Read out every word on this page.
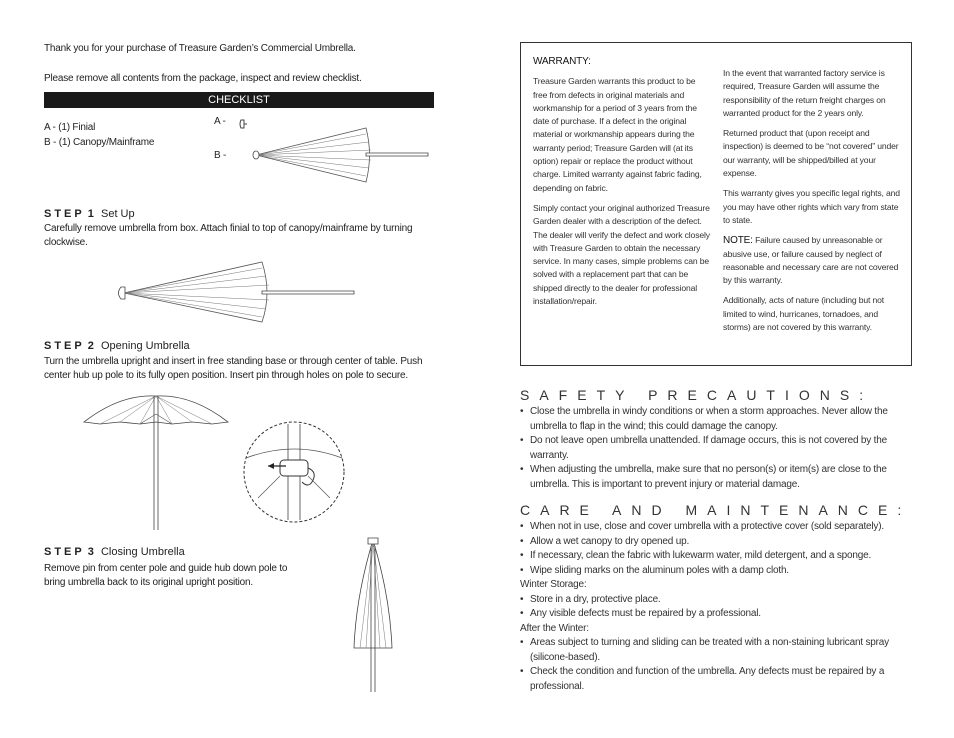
Thank you for your purchase of Treasure Garden’s Commercial Umbrella.
Please remove all contents from the package, inspect and review checklist.
CHECKLIST
A - (1) Finial
B - (1) Canopy/Mainframe
A -
B -
STEP 1 Set Up
Carefully remove umbrella from box. Attach finial to top of canopy/mainframe by turning clockwise.
STEP 2 Opening Umbrella
Turn the umbrella upright and insert in free standing base or through center of table. Push center hub up pole to its fully open position. Insert pin through holes on pole to secure.
STEP 3 Closing Umbrella
Remove pin from center pole and guide hub down pole to bring umbrella back to its original upright position.
WARRANTY:

Treasure Garden warrants this product to be free from defects in original materials and workmanship for a period of 3 years from the date of purchase. If a defect in the original material or workmanship appears during the warranty period; Treasure Garden will (at its option) repair or replace the product without charge. Limited warranty against fabric fading, depending on fabric.

Simply contact your original authorized Treasure Garden dealer with a description of the defect. The dealer will verify the defect and work closely with Treasure Garden to obtain the necessary service. In many cases, simple problems can be solved with a replacement part that can be shipped directly to the dealer for professional installation/repair.

In the event that warranted factory service is required, Treasure Garden will assume the responsibility of the return freight charges on warranted product for the 2 years only.

Returned product that (upon receipt and inspection) is deemed to be “not covered” under our warranty, will be shipped/billed at your expense.

This warranty gives you specific legal rights, and you may have other rights which vary from state to state.

NOTE: Failure caused by unreasonable or abusive use, or failure caused by neglect of reasonable and necessary care are not covered by this warranty.

Additionally, acts of nature (including but not limited to wind, hurricanes, tornadoes, and storms) are not covered by this warranty.

SAFETY PRECAUTIONS:
• Close the umbrella in windy conditions or when a storm approaches. Never allow the umbrella to flap in the wind; this could damage the canopy.
• Do not leave open umbrella unattended. If damage occurs, this is not covered by the warranty.
• When adjusting the umbrella, make sure that no person(s) or item(s) are close to the umbrella. This is important to prevent injury or material damage.
CARE AND MAINTENANCE:
• When not in use, close and cover umbrella with a protective cover (sold separately).
• Allow a wet canopy to dry opened up.
• If necessary, clean the fabric with lukewarm water, mild detergent, and a sponge.
• Wipe sliding marks on the aluminum poles with a damp cloth.
Winter Storage:
• Store in a dry, protective place.
• Any visible defects must be repaired by a professional.
After the Winter:
• Areas subject to turning and sliding can be treated with a non-staining lubricant spray (silicone-based).
• Check the condition and function of the umbrella. Any defects must be repaired by a professional.
